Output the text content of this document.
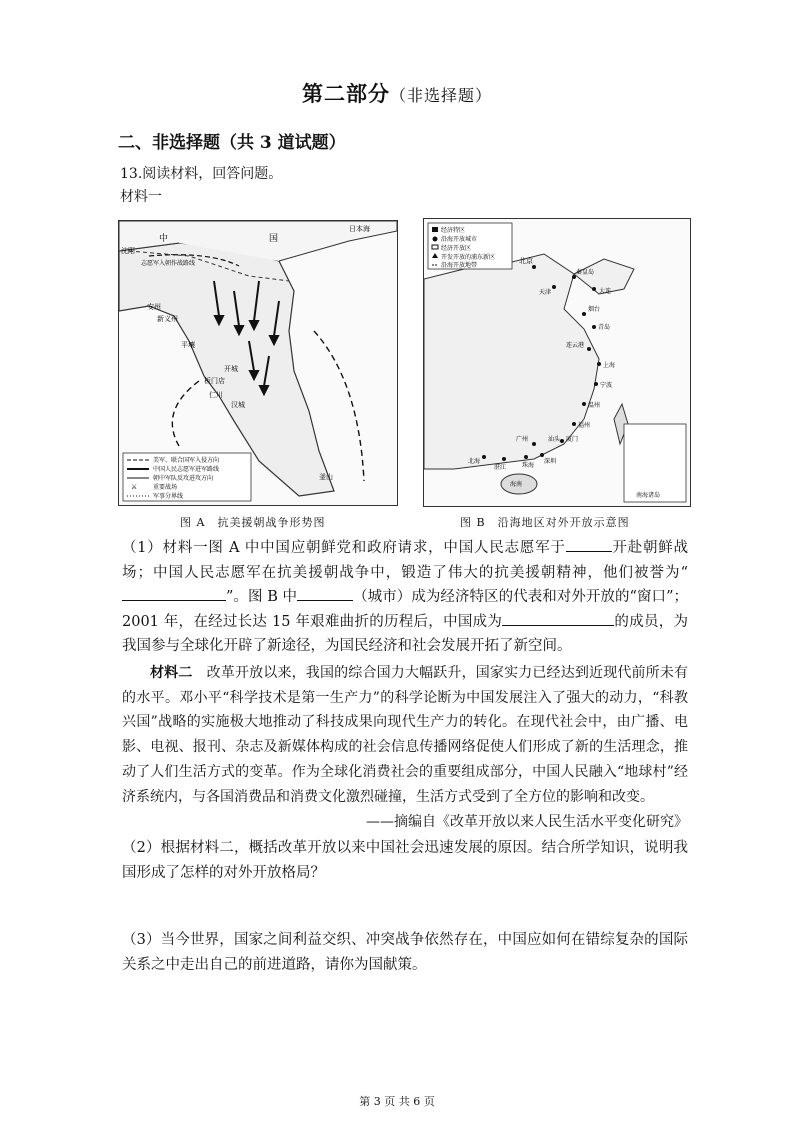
第二部分（非选择题）
二、非选择题（共 3 道试题）
13.阅读材料，回答问题。
材料一
中	国
沈阳
志愿军入朝作战路线
安州
新义州
平壤
开城
板门店
仁川
汉城
釜山
日本海
美军、联合国军入侵方向
中国人民志愿军进军路线
朝中军队反攻进攻方向
⚔	重要战场
军事分界线
图 A　抗美援朝战争形势图
南海诸岛
经济特区
沿海开放城市
经济开放区
开发开放的浦东新区
沿海开放地带
北京
天津	大连
秦皇岛
烟台
青岛
连云港
上海
宁波
温州
福州
厦门
汕头
广州
深圳
珠海
湛江
北海
海南
图 B　沿海地区对外开放示意图
（1）材料一图 A 中中国应朝鲜党和政府请求，中国人民志愿军于	开赴朝鲜战场；中国人民志愿军在抗美援朝战争中，锻造了伟大的抗美援朝精神，他们被誉为“”。图 B 中	（城市）成为经济特区的代表和对外开放的“窗口”；2001 年，在经过长达 15 年艰难曲折的历程后，中国成为	的成员，为我国参与全球化开辟了新途径，为国民经济和社会发展开拓了新空间。
材料二　改革开放以来，我国的综合国力大幅跃升，国家实力已经达到近现代前所未有的水平。邓小平“科学技术是第一生产力”的科学论断为中国发展注入了强大的动力，“科教兴国”战略的实施极大地推动了科技成果向现代生产力的转化。在现代社会中，由广播、电影、电视、报刊、杂志及新媒体构成的社会信息传播网络促使人们形成了新的生活理念，推动了人们生活方式的变革。作为全球化消费社会的重要组成部分，中国人民融入“地球村”经济系统内，与各国消费品和消费文化激烈碰撞，生活方式受到了全方位的影响和改变。
——摘编自《改革开放以来人民生活水平变化研究》
（2）根据材料二，概括改革开放以来中国社会迅速发展的原因。结合所学知识，说明我国形成了怎样的对外开放格局？
（3）当今世界，国家之间利益交织、冲突战争依然存在，中国应如何在错综复杂的国际关系之中走出自己的前进道路，请你为国献策。
第 3 页 共 6 页
